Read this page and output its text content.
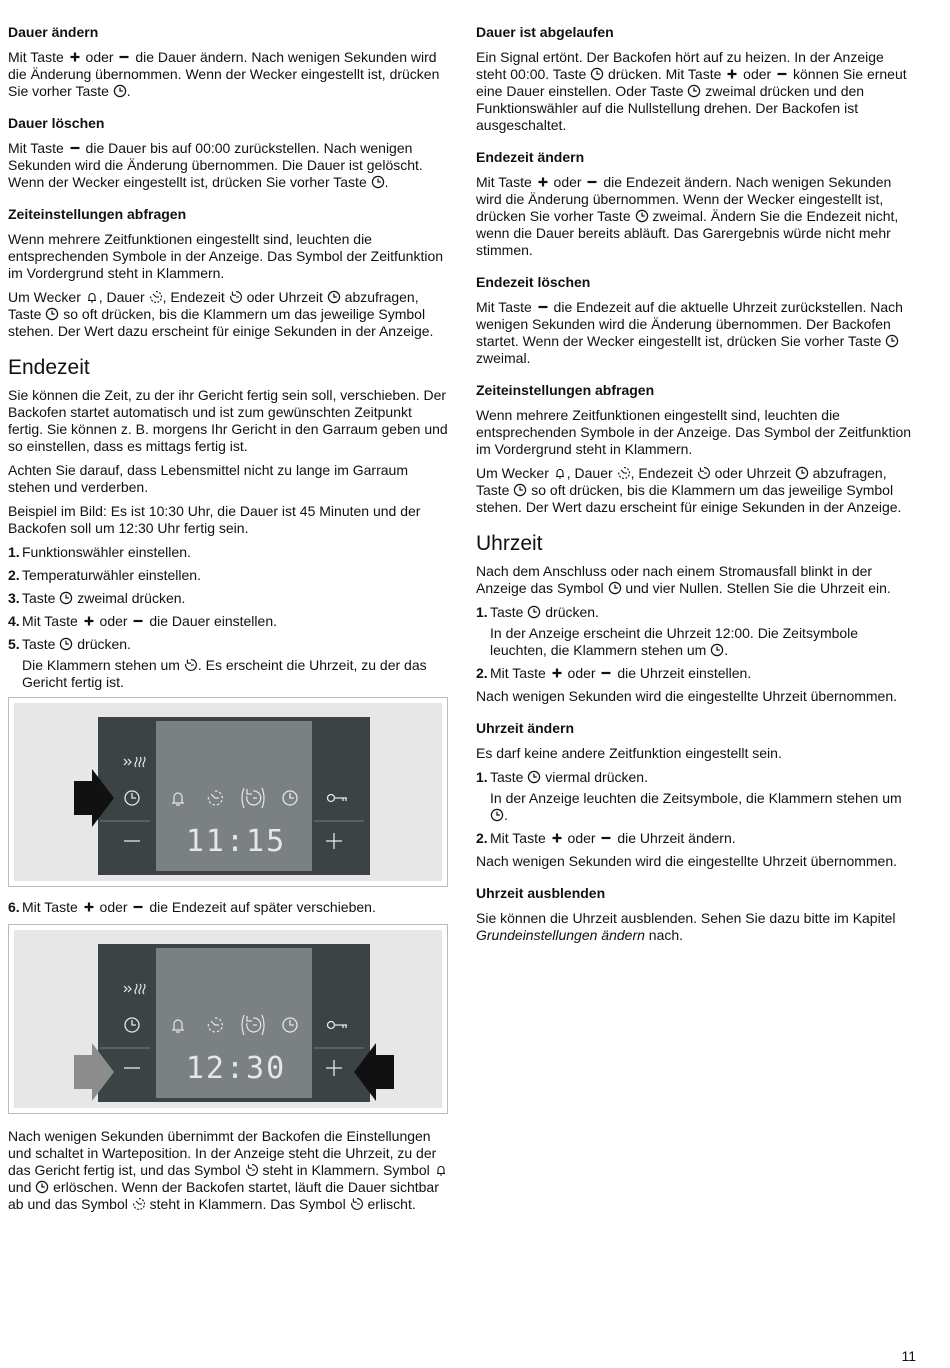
Dauer ändern

Mit Taste  oder  die Dauer ändern. Nach wenigen Sekunden wird die Änderung übernommen. Wenn der Wecker eingestellt ist, drücken Sie vorher Taste .

Dauer löschen

Mit Taste  die Dauer bis auf 00:00 zurückstellen. Nach wenigen Sekunden wird die Änderung übernommen. Die Dauer ist gelöscht. Wenn der Wecker eingestellt ist, drücken Sie vorher Taste .

Zeiteinstellungen abfragen

Wenn mehrere Zeitfunktionen eingestellt sind, leuchten die entsprechenden Symbole in der Anzeige. Das Symbol der Zeitfunktion im Vordergrund steht in Klammern.

Um Wecker , Dauer , Endezeit  oder Uhrzeit  abzufragen, Taste  so oft drücken, bis die Klammern um das jeweilige Symbol stehen. Der Wert dazu erscheint für einige Sekunden in der Anzeige.

Endezeit

Sie können die Zeit, zu der ihr Gericht fertig sein soll, verschieben. Der Backofen startet automatisch und ist zum gewünschten Zeitpunkt fertig. Sie können z. B. morgens Ihr Gericht in den Garraum geben und so einstellen, dass es mittags fertig ist.

Achten Sie darauf, dass Lebensmittel nicht zu lange im Garraum stehen und verderben.

Beispiel im Bild: Es ist 10:30 Uhr, die Dauer ist 45 Minuten und der Backofen soll um 12:30 Uhr fertig sein.

1. Funktionswähler einstellen.
2. Temperaturwähler einstellen.
3. Taste  zweimal drücken.
4. Mit Taste  oder  die Dauer einstellen.
5. Taste  drücken.
Die Klammern stehen um . Es erscheint die Uhrzeit, zu der das Gericht fertig ist.
11:15
6. Mit Taste  oder  die Endezeit auf später verschieben.
12:30

Nach wenigen Sekunden übernimmt der Backofen die Einstellungen und schaltet in Warteposition. In der Anzeige steht die Uhrzeit, zu der das Gericht fertig ist, und das Symbol  steht in Klammern. Symbol  und  erlöschen. Wenn der Backofen startet, läuft die Dauer sichtbar ab und das Symbol  steht in Klammern. Das Symbol  erlischt.

Dauer ist abgelaufen

Ein Signal ertönt. Der Backofen hört auf zu heizen. In der Anzeige steht 00:00. Taste  drücken. Mit Taste  oder  können Sie erneut eine Dauer einstellen. Oder Taste  zweimal drücken und den Funktionswähler auf die Nullstellung drehen. Der Backofen ist ausgeschaltet.

Endezeit ändern

Mit Taste  oder  die Endezeit ändern. Nach wenigen Sekunden wird die Änderung übernommen. Wenn der Wecker eingestellt ist, drücken Sie vorher Taste  zweimal. Ändern Sie die Endezeit nicht, wenn die Dauer bereits abläuft. Das Garergebnis würde nicht mehr stimmen.

Endezeit löschen

Mit Taste  die Endezeit auf die aktuelle Uhrzeit zurückstellen. Nach wenigen Sekunden wird die Änderung übernommen. Der Backofen startet. Wenn der Wecker eingestellt ist, drücken Sie vorher Taste  zweimal.

Zeiteinstellungen abfragen

Wenn mehrere Zeitfunktionen eingestellt sind, leuchten die entsprechenden Symbole in der Anzeige. Das Symbol der Zeitfunktion im Vordergrund steht in Klammern.

Um Wecker , Dauer , Endezeit  oder Uhrzeit  abzufragen, Taste  so oft drücken, bis die Klammern um das jeweilige Symbol stehen. Der Wert dazu erscheint für einige Sekunden in der Anzeige.

Uhrzeit

Nach dem Anschluss oder nach einem Stromausfall blinkt in der Anzeige das Symbol  und vier Nullen. Stellen Sie die Uhrzeit ein.

1. Taste  drücken.
In der Anzeige erscheint die Uhrzeit 12:00. Die Zeitsymbole leuchten, die Klammern stehen um .
2. Mit Taste  oder  die Uhrzeit einstellen.

Nach wenigen Sekunden wird die eingestellte Uhrzeit übernommen.

Uhrzeit ändern

Es darf keine andere Zeitfunktion eingestellt sein.

1. Taste  viermal drücken.
In der Anzeige leuchten die Zeitsymbole, die Klammern stehen um .
2. Mit Taste  oder  die Uhrzeit ändern.

Nach wenigen Sekunden wird die eingestellte Uhrzeit übernommen.

Uhrzeit ausblenden

Sie können die Uhrzeit ausblenden. Sehen Sie dazu bitte im Kapitel Grundeinstellungen ändern nach.

11
